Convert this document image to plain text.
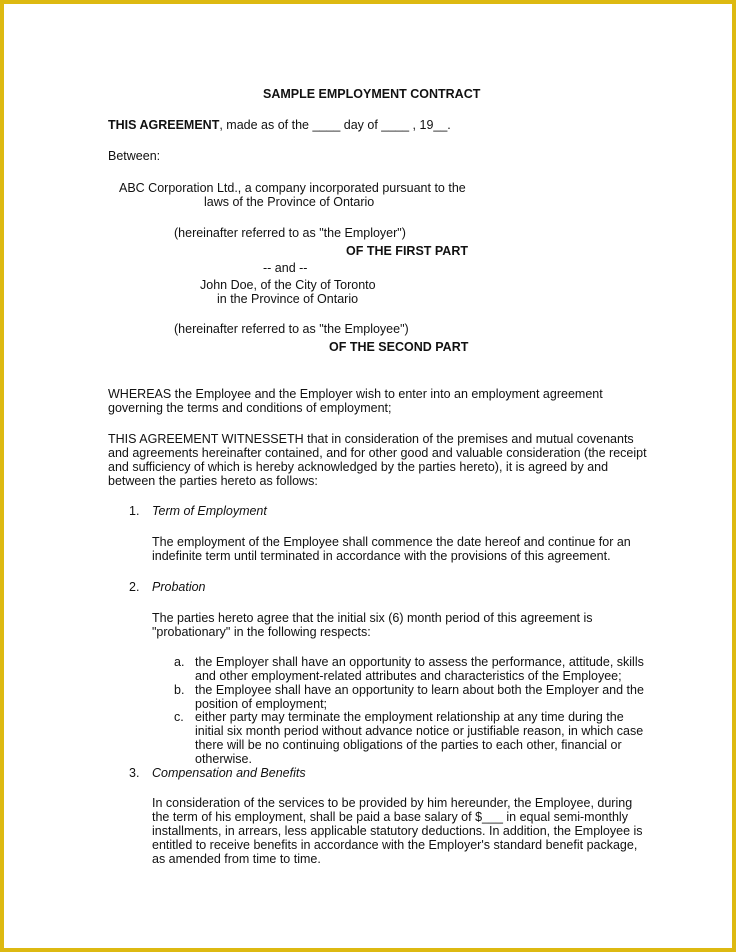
SAMPLE EMPLOYMENT CONTRACT

THIS AGREEMENT, made as of the ____ day of ____ , 19__.

Between:

ABC Corporation Ltd., a company incorporated pursuant to the

laws of the Province of Ontario

(hereinafter referred to as "the Employer")

OF THE FIRST PART

-- and --

John Doe, of the City of Toronto

in the Province of Ontario

(hereinafter referred to as "the Employee")

OF THE SECOND PART

WHEREAS the Employee and the Employer wish to enter into an employment agreement

governing the terms and conditions of employment;

THIS AGREEMENT WITNESSETH that in consideration of the premises and mutual covenants

and agreements hereinafter contained, and for other good and valuable consideration (the receipt

and sufficiency of which is hereby acknowledged by the parties hereto), it is agreed by and

between the parties hereto as follows:

1. Term of Employment

The employment of the Employee shall commence the date hereof and continue for an

indefinite term until terminated in accordance with the provisions of this agreement.

2. Probation

The parties hereto agree that the initial six (6) month period of this agreement is

"probationary" in the following respects:

a. the Employer shall have an opportunity to assess the performance, attitude, skills

and other employment-related attributes and characteristics of the Employee;

b. the Employee shall have an opportunity to learn about both the Employer and the

position of employment;

c. either party may terminate the employment relationship at any time during the

initial six month period without advance notice or justifiable reason, in which case

there will be no continuing obligations of the parties to each other, financial or

otherwise.

3. Compensation and Benefits

In consideration of the services to be provided by him hereunder, the Employee, during

the term of his employment, shall be paid a base salary of $___ in equal semi-monthly

installments, in arrears, less applicable statutory deductions. In addition, the Employee is

entitled to receive benefits in accordance with the Employer's standard benefit package,

as amended from time to time.
